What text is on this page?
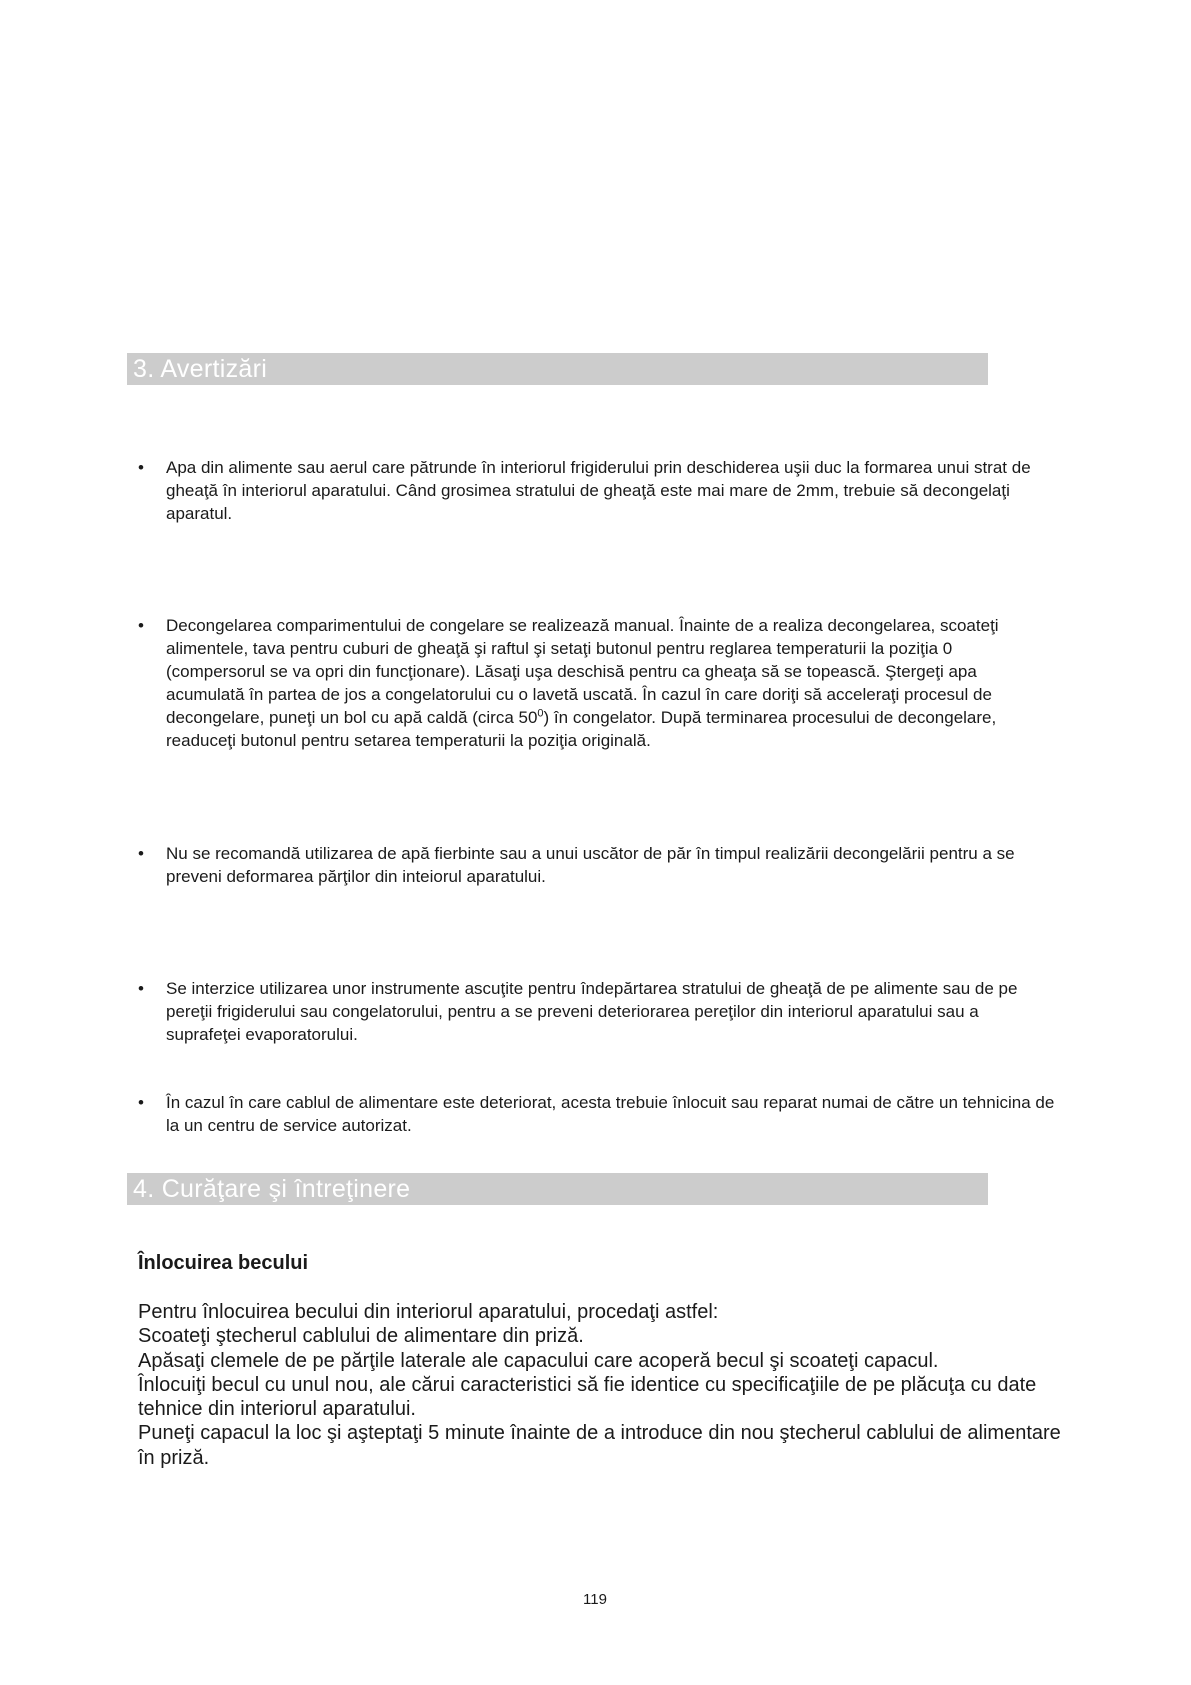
3. Avertizări
• Apa din alimente sau aerul care pătrunde în interiorul frigiderului prin deschiderea uşii duc la formarea unui strat de gheaţă în interiorul aparatului. Când grosimea stratului de gheaţă este mai mare de 2mm, trebuie să decongelaţi aparatul.
• Decongelarea comparimentului de congelare se realizează manual. Înainte de a realiza decongelarea, scoateţi alimentele, tava pentru cuburi de gheaţă şi raftul şi setaţi butonul pentru reglarea temperaturii la poziţia 0 (compersorul se va opri din funcţionare). Lăsaţi uşa deschisă pentru ca gheaţa să se topească. Ştergeţi apa acumulată în partea de jos a congelatorului cu o lavetă uscată. În cazul în care doriţi să acceleraţi procesul de decongelare, puneţi un bol cu apă caldă (circa $50^0$) în congelator. După terminarea procesului de decongelare, readuceţi butonul pentru setarea temperaturii la poziţia originală.
• Nu se recomandă utilizarea de apă fierbinte sau a unui uscător de păr în timpul realizării decongelării pentru a se preveni deformarea părţilor din inteiorul aparatului.
• Se interzice utilizarea unor instrumente ascuţite pentru îndepărtarea stratului de gheaţă de pe alimente sau de pe pereţii frigiderului sau congelatorului, pentru a se preveni deteriorarea pereţilor din interiorul aparatului sau a suprafeţei evaporatorului.
• În cazul în care cablul de alimentare este deteriorat, acesta trebuie înlocuit sau reparat numai de către un tehnicina de la un centru de service autorizat.
4. Curăţare şi întreţinere
Înlocuirea becului
Pentru înlocuirea becului din interiorul aparatului, procedaţi astfel:
Scoateţi ştecherul cablului de alimentare din priză.
Apăsaţi clemele de pe părţile laterale ale capacului care acoperă becul şi scoateţi capacul.
Înlocuiţi becul cu unul nou, ale cărui caracteristici să fie identice cu specificaţiile de pe plăcuţa cu date tehnice din interiorul aparatului.
Puneţi capacul la loc şi aşteptaţi 5 minute înainte de a introduce din nou ştecherul cablului de alimentare în priză.
119
